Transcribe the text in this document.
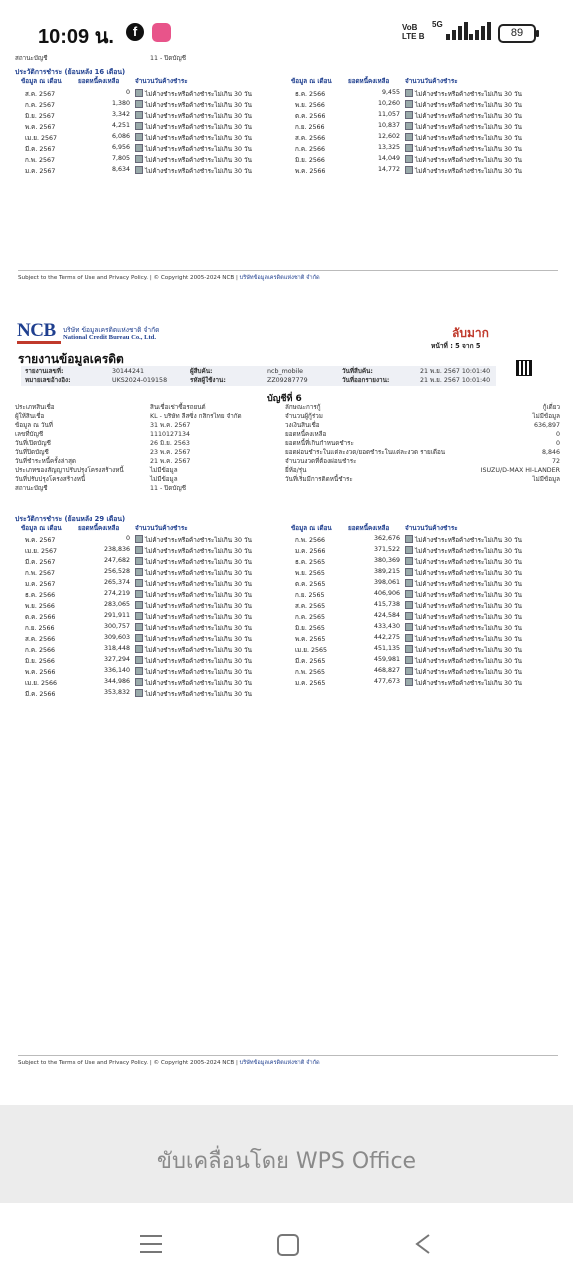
10:09 น.	f	VoB
LTE B
5G
89
สถานะบัญชี	11 - ปิดบัญชี
ประวัติการชำระ (ย้อนหลัง 16 เดือน)
ข้อมูล ณ เดือน	ยอดหนี้คงเหลือ	จำนวนวันค้างชำระ	ข้อมูล ณ เดือน	ยอดหนี้คงเหลือ	จำนวนวันค้างชำระ
ส.ค. 2567	0	ไม่ค้างชำระหรือค้างชำระไม่เกิน 30 วัน
ก.ค. 2567	1,380	ไม่ค้างชำระหรือค้างชำระไม่เกิน 30 วัน
มิ.ย. 2567	3,342	ไม่ค้างชำระหรือค้างชำระไม่เกิน 30 วัน
พ.ค. 2567	4,251	ไม่ค้างชำระหรือค้างชำระไม่เกิน 30 วัน
เม.ย. 2567	6,086	ไม่ค้างชำระหรือค้างชำระไม่เกิน 30 วัน
มี.ค. 2567	6,956	ไม่ค้างชำระหรือค้างชำระไม่เกิน 30 วัน
ก.พ. 2567	7,805	ไม่ค้างชำระหรือค้างชำระไม่เกิน 30 วัน
ม.ค. 2567	8,634	ไม่ค้างชำระหรือค้างชำระไม่เกิน 30 วัน
ธ.ค. 2566	9,455	ไม่ค้างชำระหรือค้างชำระไม่เกิน 30 วัน
พ.ย. 2566	10,260	ไม่ค้างชำระหรือค้างชำระไม่เกิน 30 วัน
ต.ค. 2566	11,057	ไม่ค้างชำระหรือค้างชำระไม่เกิน 30 วัน
ก.ย. 2566	10,837	ไม่ค้างชำระหรือค้างชำระไม่เกิน 30 วัน
ส.ค. 2566	12,602	ไม่ค้างชำระหรือค้างชำระไม่เกิน 30 วัน
ก.ค. 2566	13,325	ไม่ค้างชำระหรือค้างชำระไม่เกิน 30 วัน
มิ.ย. 2566	14,049	ไม่ค้างชำระหรือค้างชำระไม่เกิน 30 วัน
พ.ค. 2566	14,772	ไม่ค้างชำระหรือค้างชำระไม่เกิน 30 วัน
Subject to the Terms of Use and Privacy Policy. | © Copyright 2005-2024 NCB | บริษัทข้อมูลเครดิตแห่งชาติ จำกัด
NCB บริษัท ข้อมูลเครดิตแห่งชาติ จำกัด
National Credit Bureau Co., Ltd.	ลับมาก
หน้าที่ : 5 จาก 5
รายงานข้อมูลเครดิต
รายงานเลขที่:	30144241	ผู้สืบค้น:	ncb_mobile	วันที่สืบค้น:	21 พ.ย. 2567 10:01:40
หมายเลขอ้างอิง:	UKS2024-019158	รหัสผู้ใช้งาน:	ZZ09287779	วันที่ออกรายงาน:	21 พ.ย. 2567 10:01:40
บัญชีที่ 6
ประเภทสินเชื่อ	สินเชื่อเช่าซื้อรถยนต์
ผู้ให้สินเชื่อ	KL - บริษัท ลีสซิ่ง กสิกรไทย จำกัด
ข้อมูล ณ วันที่	31 พ.ค. 2567
เลขที่บัญชี	1110127134
วันที่เปิดบัญชี	26 มิ.ย. 2563
วันที่ปิดบัญชี	23 พ.ค. 2567
วันที่ชำระหนี้ครั้งล่าสุด	21 พ.ค. 2567
ประเภทของสัญญาปรับปรุงโครงสร้างหนี้	ไม่มีข้อมูล
วันที่ปรับปรุงโครงสร้างหนี้	ไม่มีข้อมูล
สถานะบัญชี	11 - ปิดบัญชี
ลักษณะการกู้	กู้เดี่ยว
จำนวนผู้กู้ร่วม	ไม่มีข้อมูล
วงเงินสินเชื่อ	636,897
ยอดหนี้คงเหลือ	0
ยอดหนี้ที่เกินกำหนดชำระ	0
ยอดผ่อนชำระในแต่ละงวด/ยอดชำระในแต่ละงวด รายเดือน	8,846
จำนวนงวดที่ต้องผ่อนชำระ	72
ยี่ห้อ/รุ่น	ISUZU/D-MAX HI-LANDER
วันที่เริ่มมีการติดหนี้ชำระ	ไม่มีข้อมูล
ประวัติการชำระ (ย้อนหลัง 29 เดือน)
ข้อมูล ณ เดือน	ยอดหนี้คงเหลือ	จำนวนวันค้างชำระ	ข้อมูล ณ เดือน	ยอดหนี้คงเหลือ	จำนวนวันค้างชำระ
พ.ค. 2567	0	ไม่ค้างชำระหรือค้างชำระไม่เกิน 30 วัน
เม.ย. 2567	238,836	ไม่ค้างชำระหรือค้างชำระไม่เกิน 30 วัน
มี.ค. 2567	247,682	ไม่ค้างชำระหรือค้างชำระไม่เกิน 30 วัน
ก.พ. 2567	256,528	ไม่ค้างชำระหรือค้างชำระไม่เกิน 30 วัน
ม.ค. 2567	265,374	ไม่ค้างชำระหรือค้างชำระไม่เกิน 30 วัน
ธ.ค. 2566	274,219	ไม่ค้างชำระหรือค้างชำระไม่เกิน 30 วัน
พ.ย. 2566	283,065	ไม่ค้างชำระหรือค้างชำระไม่เกิน 30 วัน
ต.ค. 2566	291,911	ไม่ค้างชำระหรือค้างชำระไม่เกิน 30 วัน
ก.ย. 2566	300,757	ไม่ค้างชำระหรือค้างชำระไม่เกิน 30 วัน
ส.ค. 2566	309,603	ไม่ค้างชำระหรือค้างชำระไม่เกิน 30 วัน
ก.ค. 2566	318,448	ไม่ค้างชำระหรือค้างชำระไม่เกิน 30 วัน
มิ.ย. 2566	327,294	ไม่ค้างชำระหรือค้างชำระไม่เกิน 30 วัน
พ.ค. 2566	336,140	ไม่ค้างชำระหรือค้างชำระไม่เกิน 30 วัน
เม.ย. 2566	344,986	ไม่ค้างชำระหรือค้างชำระไม่เกิน 30 วัน
มี.ค. 2566	353,832	ไม่ค้างชำระหรือค้างชำระไม่เกิน 30 วัน
ก.พ. 2566	362,676	ไม่ค้างชำระหรือค้างชำระไม่เกิน 30 วัน
ม.ค. 2566	371,522	ไม่ค้างชำระหรือค้างชำระไม่เกิน 30 วัน
ธ.ค. 2565	380,369	ไม่ค้างชำระหรือค้างชำระไม่เกิน 30 วัน
พ.ย. 2565	389,215	ไม่ค้างชำระหรือค้างชำระไม่เกิน 30 วัน
ต.ค. 2565	398,061	ไม่ค้างชำระหรือค้างชำระไม่เกิน 30 วัน
ก.ย. 2565	406,906	ไม่ค้างชำระหรือค้างชำระไม่เกิน 30 วัน
ส.ค. 2565	415,738	ไม่ค้างชำระหรือค้างชำระไม่เกิน 30 วัน
ก.ค. 2565	424,584	ไม่ค้างชำระหรือค้างชำระไม่เกิน 30 วัน
มิ.ย. 2565	433,430	ไม่ค้างชำระหรือค้างชำระไม่เกิน 30 วัน
พ.ค. 2565	442,275	ไม่ค้างชำระหรือค้างชำระไม่เกิน 30 วัน
เม.ย. 2565	451,135	ไม่ค้างชำระหรือค้างชำระไม่เกิน 30 วัน
มี.ค. 2565	459,981	ไม่ค้างชำระหรือค้างชำระไม่เกิน 30 วัน
ก.พ. 2565	468,827	ไม่ค้างชำระหรือค้างชำระไม่เกิน 30 วัน
ม.ค. 2565	477,673	ไม่ค้างชำระหรือค้างชำระไม่เกิน 30 วัน
Subject to the Terms of Use and Privacy Policy. | © Copyright 2005-2024 NCB | บริษัทข้อมูลเครดิตแห่งชาติ จำกัด
ขับเคลื่อนโดย WPS Office
